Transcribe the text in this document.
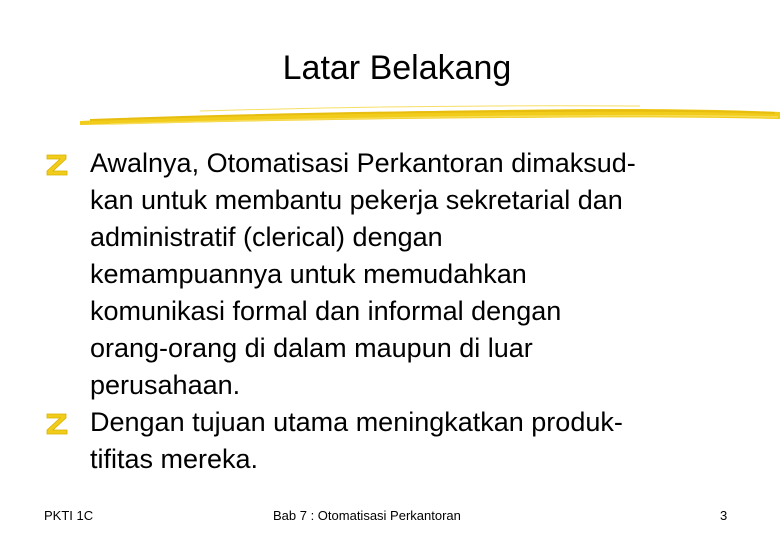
Latar Belakang
Awalnya, Otomatisasi Perkantoran dimaksud-
kan untuk membantu pekerja sekretarial dan
administratif (clerical) dengan
kemampuannya untuk memudahkan
komunikasi formal dan informal dengan
orang-orang di dalam maupun di luar
perusahaan.
Dengan tujuan utama meningkatkan produk-
tifitas mereka.
PKTI 1C	Bab 7 : Otomatisasi Perkantoran	3
